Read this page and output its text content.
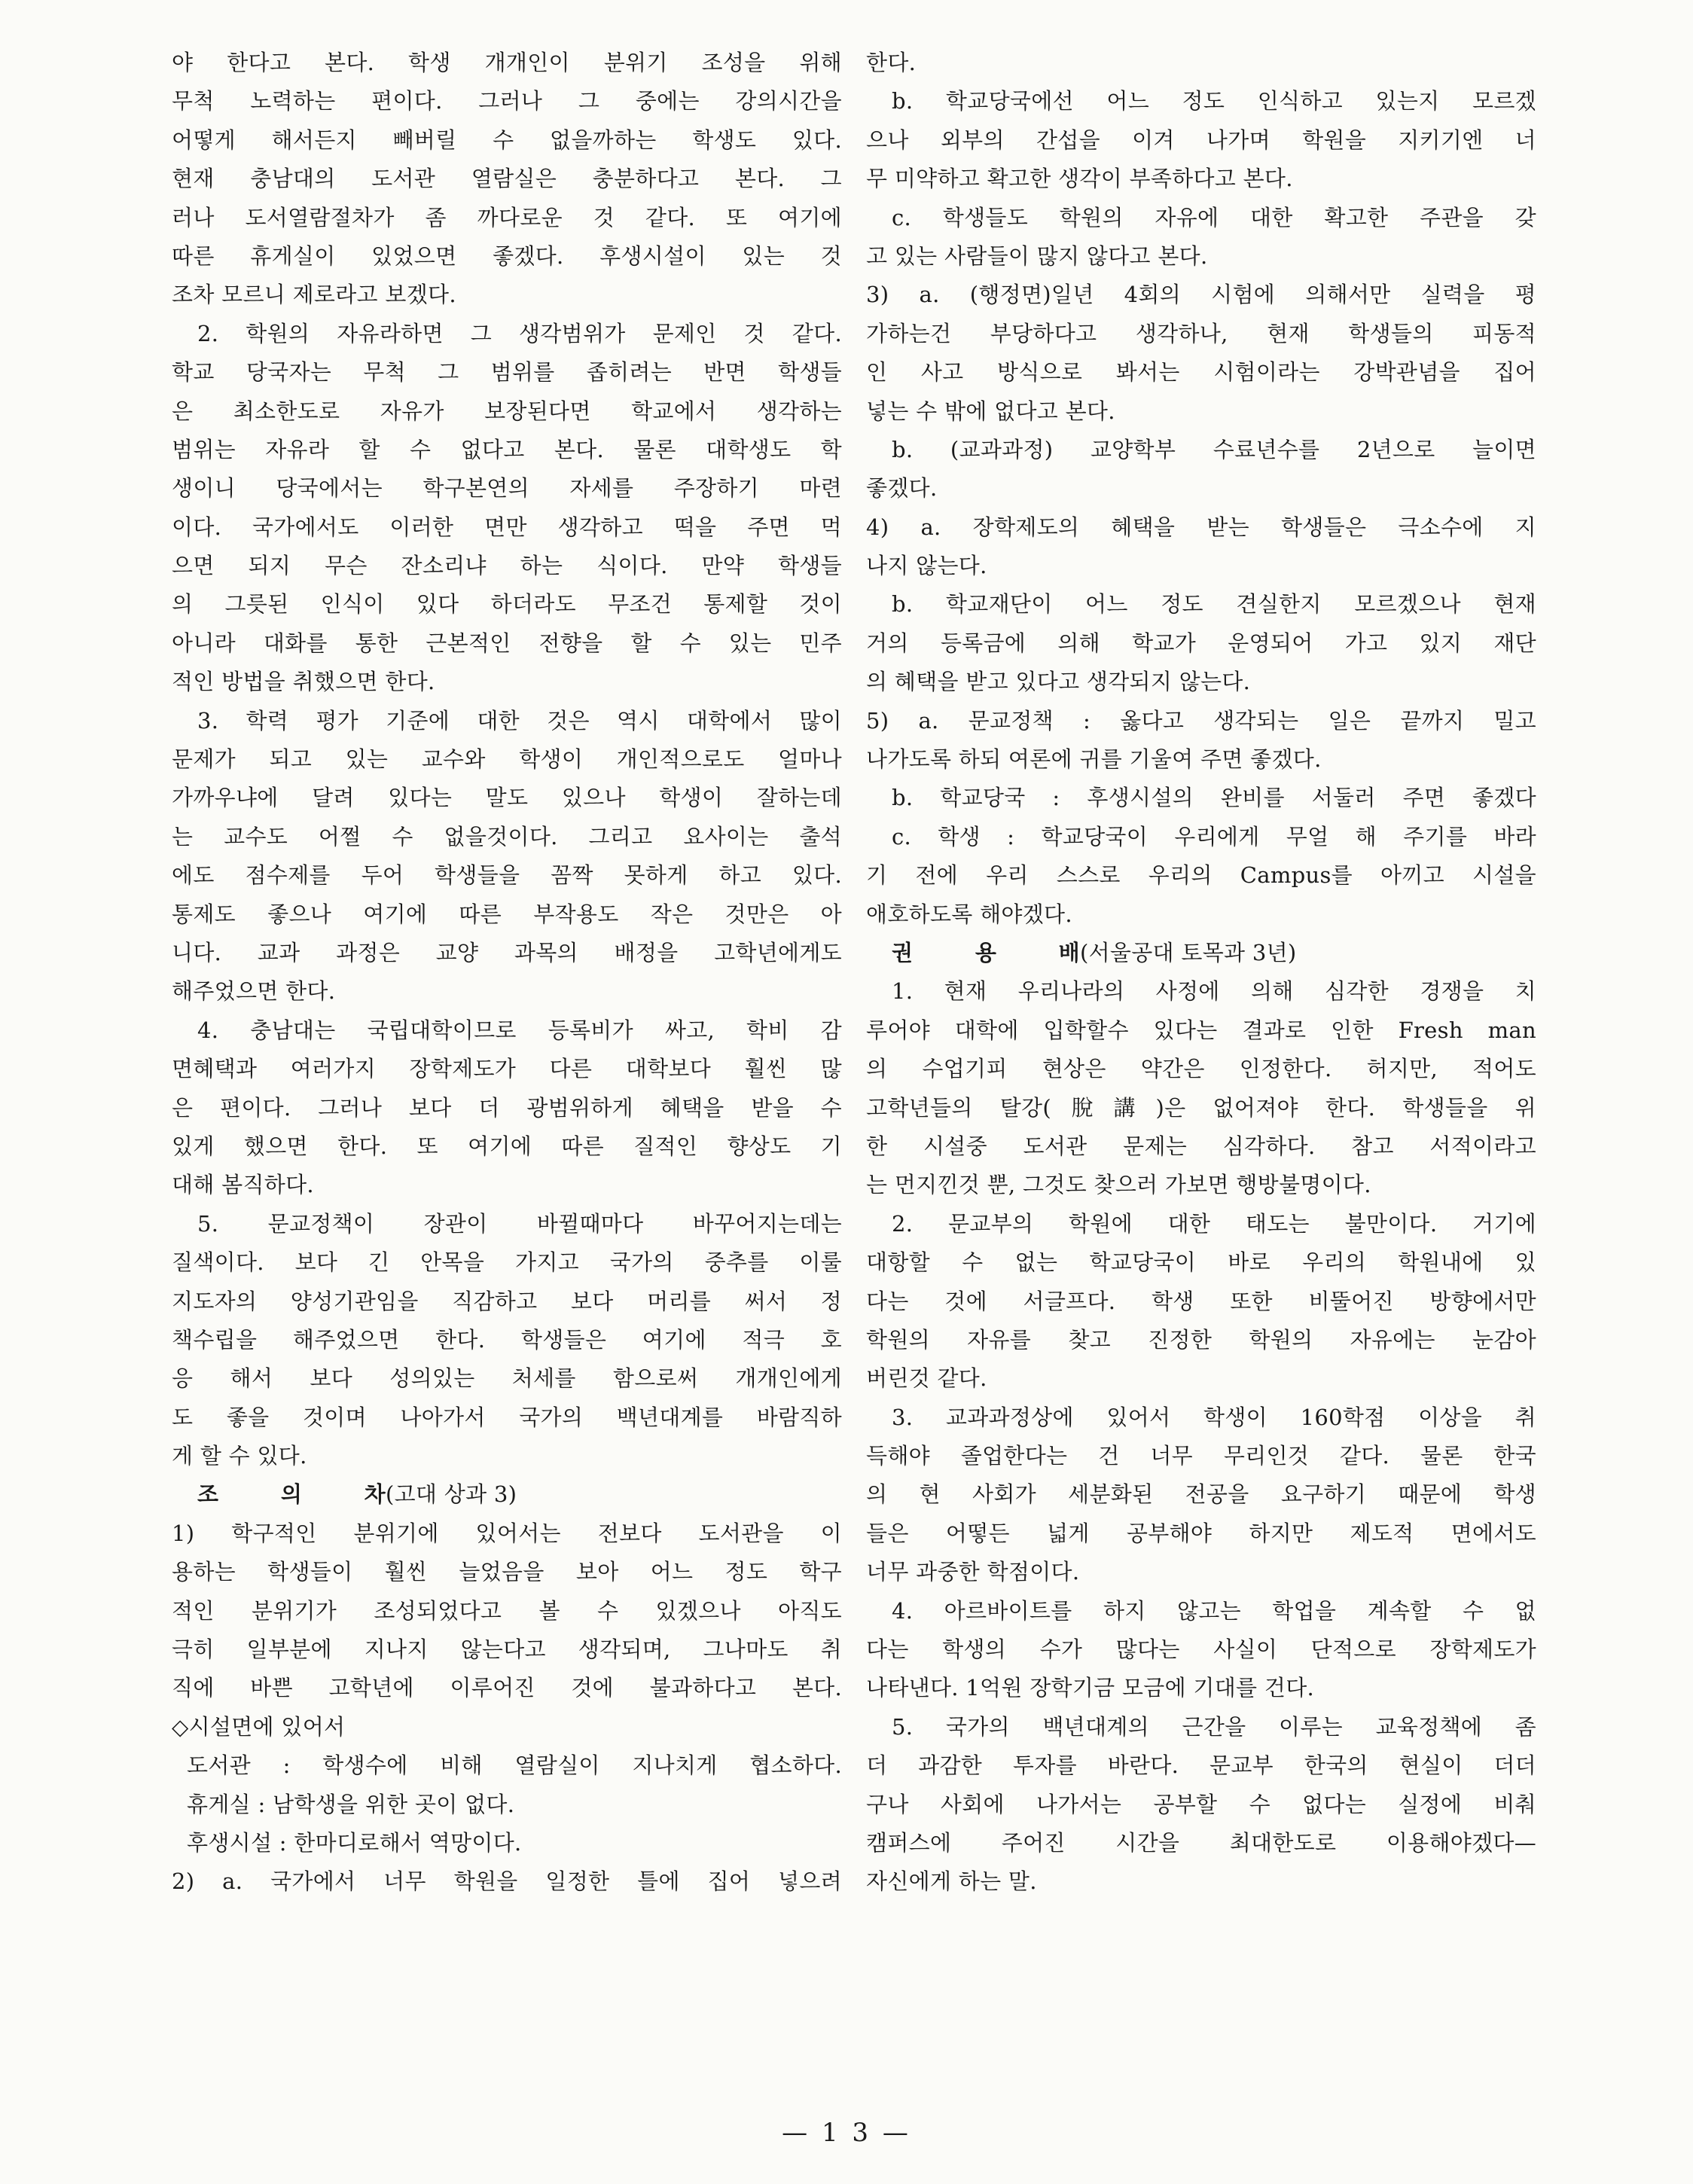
야 한다고 본다. 학생 개개인이 분위기 조성을 위해
무척 노력하는 편이다. 그러나 그 중에는 강의시간을
어떻게 해서든지 빼버릴 수 없을까하는 학생도 있다.
현재 충남대의 도서관 열람실은 충분하다고 본다. 그
러나 도서열람절차가 좀 까다로운 것 같다. 또 여기에
따른 휴게실이 있었으면 좋겠다. 후생시설이 있는 것
조차 모르니 제로라고 보겠다.
2. 학원의 자유라하면 그 생각범위가 문제인 것 같다.
학교 당국자는 무척 그 범위를 좁히려는 반면 학생들
은 최소한도로 자유가 보장된다면 학교에서 생각하는
범위는 자유라 할 수 없다고 본다. 물론 대학생도 학
생이니 당국에서는 학구본연의 자세를 주장하기 마련
이다. 국가에서도 이러한 면만 생각하고 떡을 주면 먹
으면 되지 무슨 잔소리냐 하는 식이다. 만약 학생들
의 그릇된 인식이 있다 하더라도 무조건 통제할 것이
아니라 대화를 통한 근본적인 전향을 할 수 있는 민주
적인 방법을 취했으면 한다.
3. 학력 평가 기준에 대한 것은 역시 대학에서 많이
문제가 되고 있는 교수와 학생이 개인적으로도 얼마나
가까우냐에 달려 있다는 말도 있으나 학생이 잘하는데
는 교수도 어쩔 수 없을것이다. 그리고 요사이는 출석
에도 점수제를 두어 학생들을 꼼짝 못하게 하고 있다.
통제도 좋으나 여기에 따른 부작용도 작은 것만은 아
니다. 교과 과정은 교양 과목의 배정을 고학년에게도
해주었으면 한다.
4. 충남대는 국립대학이므로 등록비가 싸고, 학비 감
면혜택과 여러가지 장학제도가 다른 대학보다 훨씬 많
은 편이다. 그러나 보다 더 광범위하게 혜택을 받을 수
있게 했으면 한다. 또 여기에 따른 질적인 향상도 기
대해 봄직하다.
5. 문교정책이 장관이 바뀔때마다 바꾸어지는데는
질색이다. 보다 긴 안목을 가지고 국가의 중추를 이룰
지도자의 양성기관임을 직감하고 보다 머리를 써서 정
책수립을 해주었으면 한다. 학생들은 여기에 적극 호
응 해서 보다 성의있는 처세를 함으로써 개개인에게
도 좋을 것이며 나아가서 국가의 백년대계를 바람직하
게 할 수 있다.
조 의 차(고대 상과 3)
1) 학구적인 분위기에 있어서는 전보다 도서관을 이
용하는 학생들이 훨씬 늘었음을 보아 어느 정도 학구
적인 분위기가 조성되었다고 볼 수 있겠으나 아직도
극히 일부분에 지나지 않는다고 생각되며, 그나마도 취
직에 바쁜 고학년에 이루어진 것에 불과하다고 본다.
◇시설면에 있어서
도서관 : 학생수에 비해 열람실이 지나치게 협소하다.
휴게실 : 남학생을 위한 곳이 없다.
후생시설 : 한마디로해서 역망이다.
2) a. 국가에서 너무 학원을 일정한 틀에 집어 넣으려
한다.
b. 학교당국에선 어느 정도 인식하고 있는지 모르겠
으나 외부의 간섭을 이겨 나가며 학원을 지키기엔 너
무 미약하고 확고한 생각이 부족하다고 본다.
c. 학생들도 학원의 자유에 대한 확고한 주관을 갖
고 있는 사람들이 많지 않다고 본다.
3) a. (행정면)일년 4회의 시험에 의해서만 실력을 평
가하는건 부당하다고 생각하나, 현재 학생들의 피동적
인 사고 방식으로 봐서는 시험이라는 강박관념을 집어
넣는 수 밖에 없다고 본다.
b. (교과과정) 교양학부 수료년수를 2년으로 늘이면
좋겠다.
4) a. 장학제도의 혜택을 받는 학생들은 극소수에 지
나지 않는다.
b. 학교재단이 어느 정도 견실한지 모르겠으나 현재
거의 등록금에 의해 학교가 운영되어 가고 있지 재단
의 혜택을 받고 있다고 생각되지 않는다.
5) a. 문교정책 : 옳다고 생각되는 일은 끝까지 밀고
나가도록 하되 여론에 귀를 기울여 주면 좋겠다.
b. 학교당국 : 후생시설의 완비를 서둘러 주면 좋겠다
c. 학생 : 학교당국이 우리에게 무얼 해 주기를 바라
기 전에 우리 스스로 우리의 Campus를 아끼고 시설을
애호하도록 해야겠다.
권 용 배(서울공대 토목과 3년)
1. 현재 우리나라의 사정에 의해 심각한 경쟁을 치
루어야 대학에 입학할수 있다는 결과로 인한 Fresh man
의 수업기피 현상은 약간은 인정한다. 허지만, 적어도
고학년들의 탈강(脫講)은 없어져야 한다. 학생들을 위
한 시설중 도서관 문제는 심각하다. 참고 서적이라고
는 먼지낀것 뿐, 그것도 찾으러 가보면 행방불명이다.
2. 문교부의 학원에 대한 태도는 불만이다. 거기에
대항할 수 없는 학교당국이 바로 우리의 학원내에 있
다는 것에 서글프다. 학생 또한 비뚤어진 방향에서만
학원의 자유를 찾고 진정한 학원의 자유에는 눈감아
버린것 같다.
3. 교과과정상에 있어서 학생이 160학점 이상을 취
득해야 졸업한다는 건 너무 무리인것 같다. 물론 한국
의 현 사회가 세분화된 전공을 요구하기 때문에 학생
들은 어떻든 넓게 공부해야 하지만 제도적 면에서도
너무 과중한 학점이다.
4. 아르바이트를 하지 않고는 학업을 계속할 수 없
다는 학생의 수가 많다는 사실이 단적으로 장학제도가
나타낸다. 1억원 장학기금 모금에 기대를 건다.
5. 국가의 백년대계의 근간을 이루는 교육정책에 좀
더 과감한 투자를 바란다. 문교부 한국의 현실이 더더
구나 사회에 나가서는 공부할 수 없다는 실정에 비춰
캠퍼스에 주어진 시간을 최대한도로 이용해야겠다—
자신에게 하는 말.
— 1 3 —
